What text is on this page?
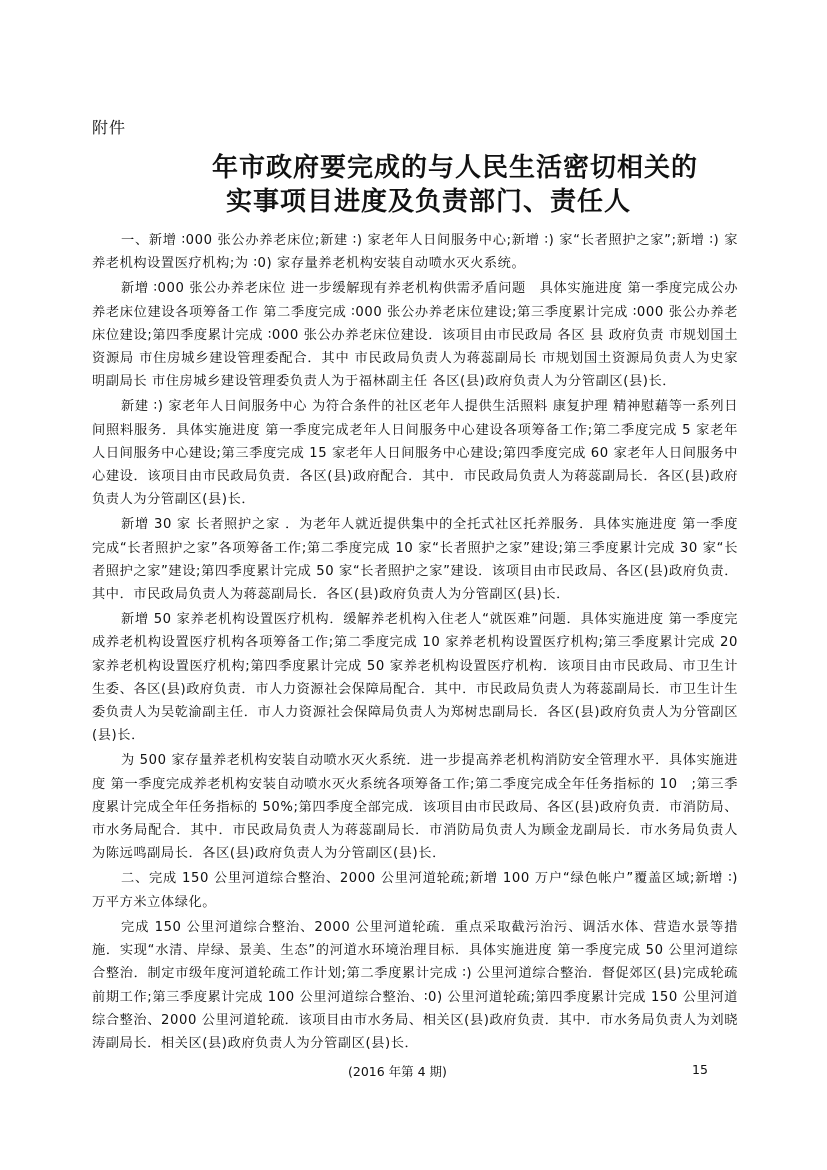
附件
年市政府要完成的与人民生活密切相关的
实事项目进度及负责部门、责任人

一、新增 ∶000 张公办养老床位;新建 ∶) 家老年人日间服务中心;新增 ∶) 家“长者照护之家”;新增 ∶) 家养老机构设置医疗机构;为 ∶0) 家存量养老机构安装自动喷水灭火系统。

新增 ∶000 张公办养老床位 进一步缓解现有养老机构供需矛盾问题　具体实施进度 第一季度完成公办养老床位建设各项筹备工作 第二季度完成 ∶000 张公办养老床位建设;第三季度累计完成 ∶000 张公办养老床位建设;第四季度累计完成 ∶000 张公办养老床位建设．该项目由市民政局 各区 县 政府负责 市规划国土资源局 市住房城乡建设管理委配合．其中 市民政局负责人为蒋蕊副局长 市规划国土资源局负责人为史家明副局长 市住房城乡建设管理委负责人为于福林副主任 各区(县)政府负责人为分管副区(县)长．

新建 ∶) 家老年人日间服务中心 为符合条件的社区老年人提供生活照料 康复护理 精神慰藉等一系列日间照料服务．具体实施进度 第一季度完成老年人日间服务中心建设各项筹备工作;第二季度完成 5 家老年人日间服务中心建设;第三季度完成 15 家老年人日间服务中心建设;第四季度完成 60 家老年人日间服务中心建设．该项目由市民政局负责．各区(县)政府配合．其中．市民政局负责人为蒋蕊副局长．各区(县)政府负责人为分管副区(县)长．

新增 30 家 长者照护之家 ．为老年人就近提供集中的全托式社区托养服务．具体实施进度 第一季度完成“长者照护之家”各项筹备工作;第二季度完成 10 家“长者照护之家”建设;第三季度累计完成 30 家“长者照护之家”建设;第四季度累计完成 50 家“长者照护之家”建设．该项目由市民政局、各区(县)政府负责．其中．市民政局负责人为蒋蕊副局长．各区(县)政府负责人为分管副区(县)长．

新增 50 家养老机构设置医疗机构．缓解养老机构入住老人“就医难”问题．具体实施进度 第一季度完成养老机构设置医疗机构各项筹备工作;第二季度完成 10 家养老机构设置医疗机构;第三季度累计完成 20 家养老机构设置医疗机构;第四季度累计完成 50 家养老机构设置医疗机构．该项目由市民政局、市卫生计生委、各区(县)政府负责．市人力资源社会保障局配合．其中．市民政局负责人为蒋蕊副局长．市卫生计生委负责人为吴乾渝副主任．市人力资源社会保障局负责人为郑树忠副局长．各区(县)政府负责人为分管副区(县)长．

为 500 家存量养老机构安装自动喷水灭火系统．进一步提高养老机构消防安全管理水平．具体实施进度 第一季度完成养老机构安装自动喷水灭火系统各项筹备工作;第二季度完成全年任务指标的 10　;第三季度累计完成全年任务指标的 50%;第四季度全部完成．该项目由市民政局、各区(县)政府负责．市消防局、市水务局配合．其中．市民政局负责人为蒋蕊副局长．市消防局负责人为顾金龙副局长．市水务局负责人为陈远鸣副局长．各区(县)政府负责人为分管副区(县)长．

二、完成 150 公里河道综合整治、2000 公里河道轮疏;新增 100 万户“绿色帐户”覆盖区域;新增 ∶) 万平方米立体绿化。

完成 150 公里河道综合整治、2000 公里河道轮疏．重点采取截污治污、调活水体、营造水景等措施．实现“水清、岸绿、景美、生态”的河道水环境治理目标．具体实施进度 第一季度完成 50 公里河道综合整治．制定市级年度河道轮疏工作计划;第二季度累计完成 ∶) 公里河道综合整治．督促郊区(县)完成轮疏前期工作;第三季度累计完成 100 公里河道综合整治、∶0) 公里河道轮疏;第四季度累计完成 150 公里河道综合整治、2000 公里河道轮疏．该项目由市水务局、相关区(县)政府负责．其中．市水务局负责人为刘晓涛副局长．相关区(县)政府负责人为分管副区(县)长．

(2016 年第 4 期)	15
